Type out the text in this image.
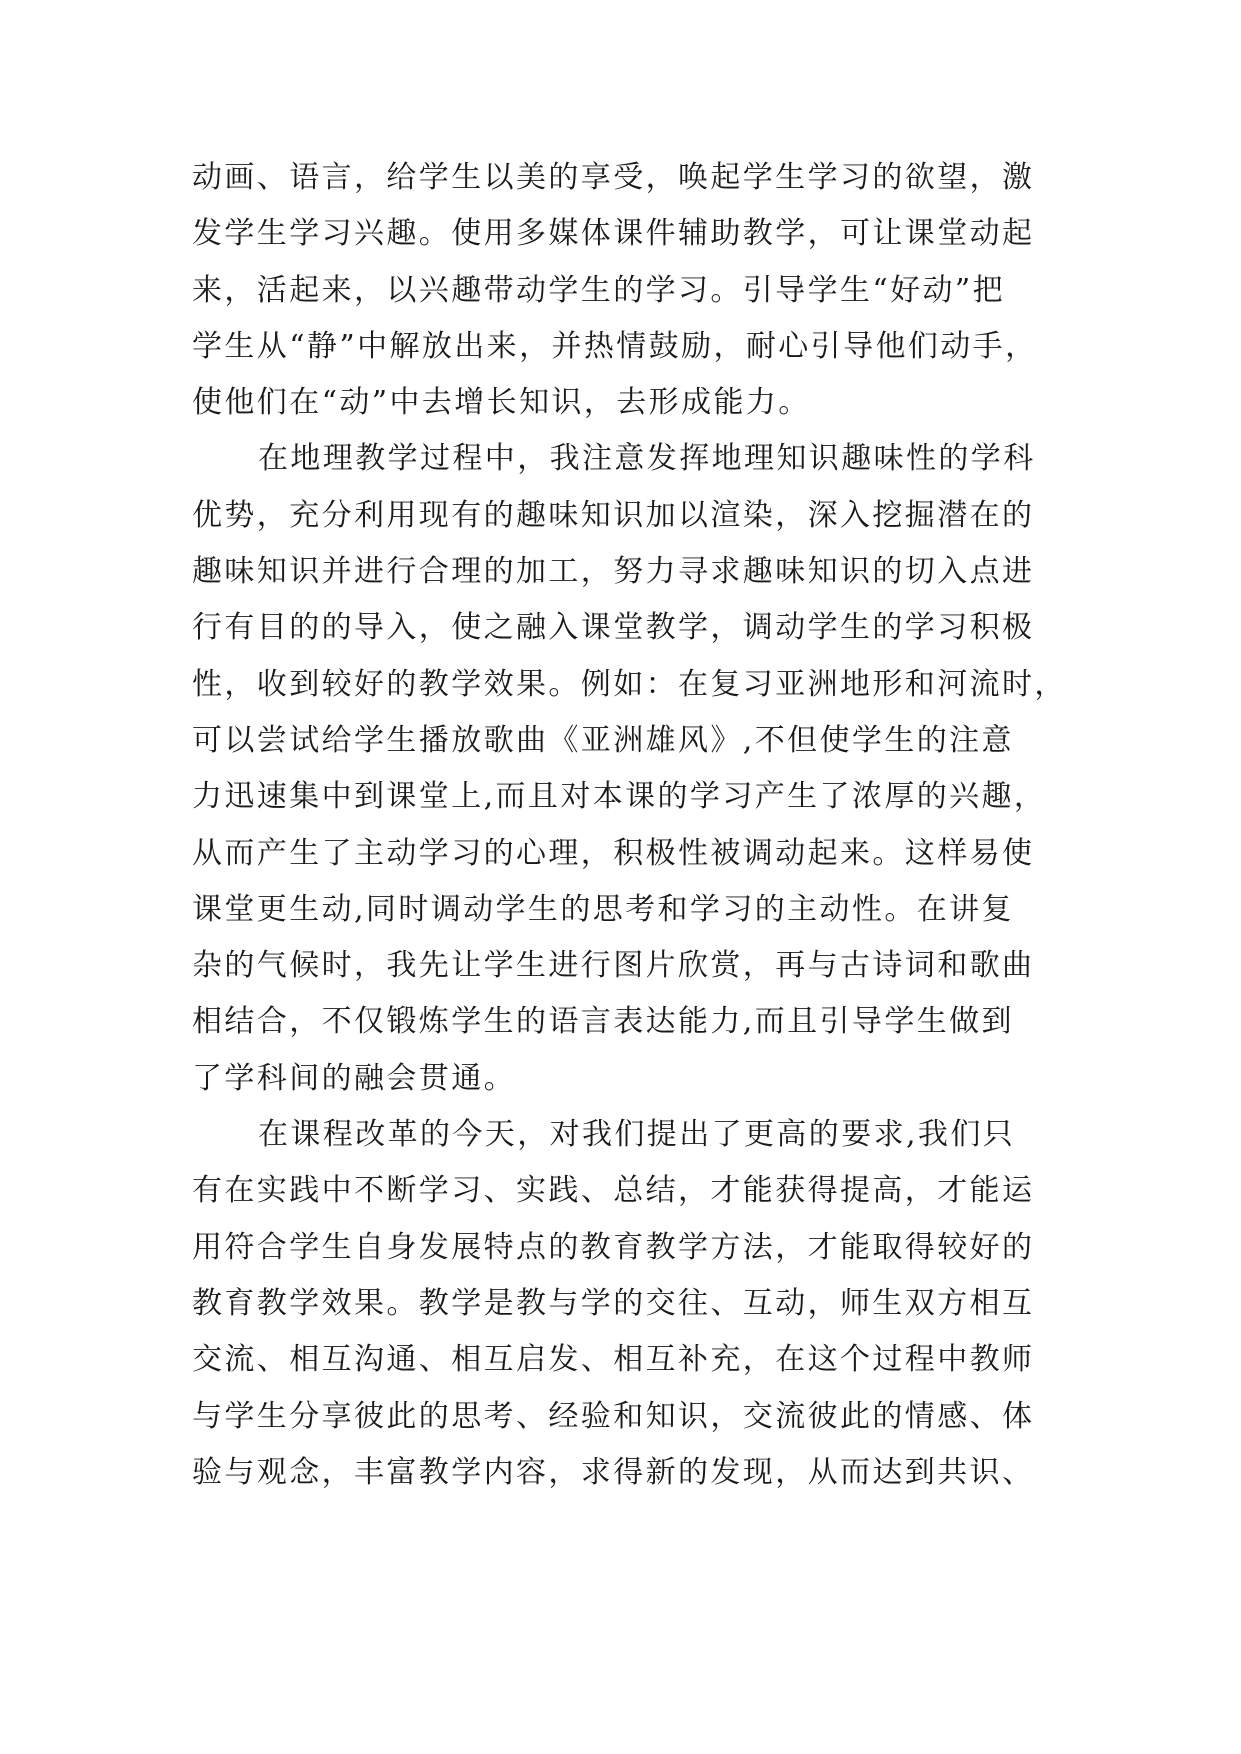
动画、语言，给学生以美的享受，唤起学生学习的欲望，激
发学生学习兴趣。使用多媒体课件辅助教学，可让课堂动起
来，活起来，以兴趣带动学生的学习。引导学生“好动”把
学生从“静”中解放出来，并热情鼓励，耐心引导他们动手，
使他们在“动”中去增长知识，去形成能力。
在地理教学过程中，我注意发挥地理知识趣味性的学科
优势，充分利用现有的趣味知识加以渲染，深入挖掘潜在的
趣味知识并进行合理的加工，努力寻求趣味知识的切入点进
行有目的的导入，使之融入课堂教学，调动学生的学习积极
性，收到较好的教学效果。例如：在复习亚洲地形和河流时，
可以尝试给学生播放歌曲《亚洲雄风》,不但使学生的注意
力迅速集中到课堂上,而且对本课的学习产生了浓厚的兴趣，
从而产生了主动学习的心理，积极性被调动起来。这样易使
课堂更生动,同时调动学生的思考和学习的主动性。在讲复
杂的气候时，我先让学生进行图片欣赏，再与古诗词和歌曲
相结合，不仅锻炼学生的语言表达能力,而且引导学生做到
了学科间的融会贯通。
在课程改革的今天，对我们提出了更高的要求,我们只
有在实践中不断学习、实践、总结，才能获得提高，才能运
用符合学生自身发展特点的教育教学方法，才能取得较好的
教育教学效果。教学是教与学的交往、互动，师生双方相互
交流、相互沟通、相互启发、相互补充，在这个过程中教师
与学生分享彼此的思考、经验和知识，交流彼此的情感、体
验与观念，丰富教学内容，求得新的发现，从而达到共识、
